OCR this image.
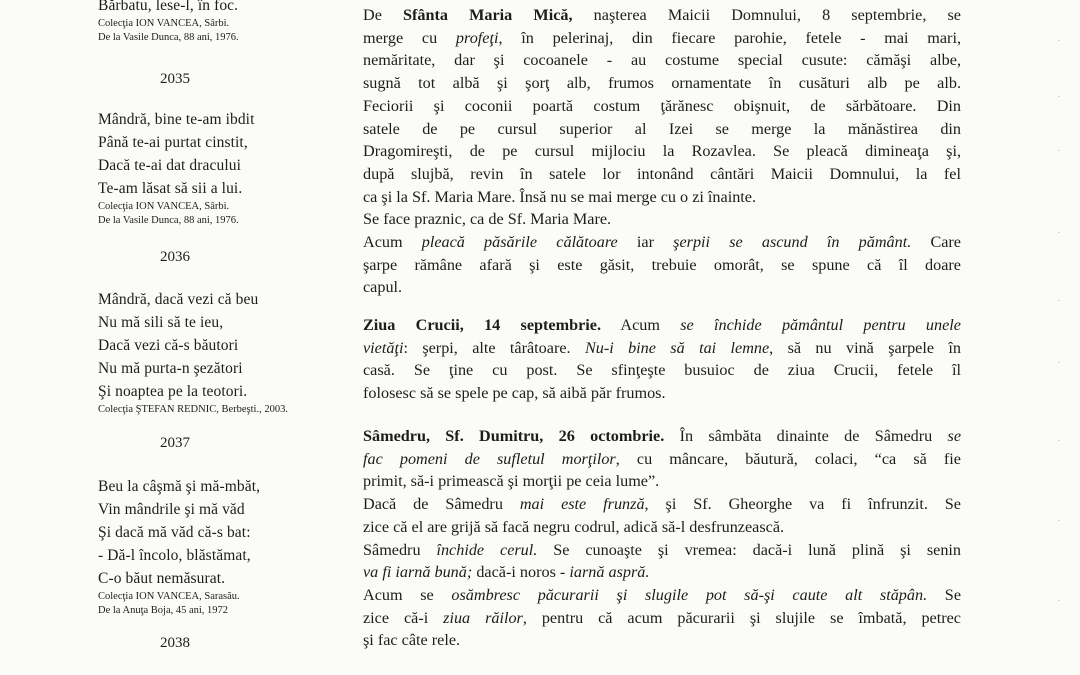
Bărbatu, lese-l, în foc.
Colecţia ION VANCEA, Sârbi.
De la Vasile Dunca, 88 ani, 1976.
2035
Mândră, bine te-am ibdit
Până te-ai purtat cinstit,
Dacă te-ai dat dracului
Te-am lăsat să sii a lui.
Colecţia ION VANCEA, Sârbi.
De la Vasile Dunca, 88 ani, 1976.
2036
Mândră, dacă vezi că beu
Nu mă sili să te ieu,
Dacă vezi că-s băutori
Nu mă purta-n şezători
Şi noaptea pe la teotori.
Colecţia ŞTEFAN REDNIC, Berbeşti., 2003.
2037
Beu la câşmă şi mă-mbăt,
Vin mândrile şi mă văd
Şi dacă mă văd că-s bat:
- Dă-l încolo, blăstămat,
C-o băut nemăsurat.
Colecţia ION VANCEA, Sarasău.
De la Anuţa Boja, 45 ani, 1972
2038
De Sfânta Maria Mică, naşterea Maicii Domnului, 8 septembrie, se
merge cu profeţi, în pelerinaj, din fiecare parohie, fetele - mai mari,
nemăritate, dar şi cocoanele - au costume special cusute: cămăşi albe,
sugnă tot albă şi şorţ alb, frumos ornamentate în cusături alb pe alb.
Feciorii şi coconii poartă costum ţărănesc obişnuit, de sărbătoare. Din
satele de pe cursul superior al Izei se merge la mănăstirea din
Dragomireşti, de pe cursul mijlociu la Rozavlea. Se pleacă dimineaţa şi,
după slujbă, revin în satele lor intonând cântări Maicii Domnului, la fel
ca şi la Sf. Maria Mare. Însă nu se mai merge cu o zi înainte.
Se face praznic, ca de Sf. Maria Mare.
Acum pleacă păsările călătoare iar şerpii se ascund în pământ. Care
şarpe rămâne afară şi este găsit, trebuie omorât, se spune că îl doare
capul.
Ziua Crucii, 14 septembrie. Acum se închide pământul pentru unele
vietăţi: şerpi, alte târâtoare. Nu-i bine să tai lemne, să nu vină şarpele în
casă. Se ţine cu post. Se sfinţeşte busuioc de ziua Crucii, fetele îl
folosesc să se spele pe cap, să aibă păr frumos.
Sâmedru, Sf. Dumitru, 26 octombrie. În sâmbăta dinainte de Sâmedru se
fac pomeni de sufletul morţilor, cu mâncare, băutură, colaci, “ca să fie
primit, să-i primească şi morţii pe ceia lume”.
Dacă de Sâmedru mai este frunză, şi Sf. Gheorghe va fi înfrunzit. Se
zice că el are grijă să facă negru codrul, adică să-l desfrunzească.
Sâmedru închide cerul. Se cunoaşte şi vremea: dacă-i lună plină şi senin
va fi iarnă bună; dacă-i noros - iarnă aspră.
Acum se osămbresc păcurarii şi slugile pot să-şi caute alt stăpân. Se
zice că-i ziua răilor, pentru că acum păcurarii şi slujile se îmbată, petrec
şi fac câte rele.
